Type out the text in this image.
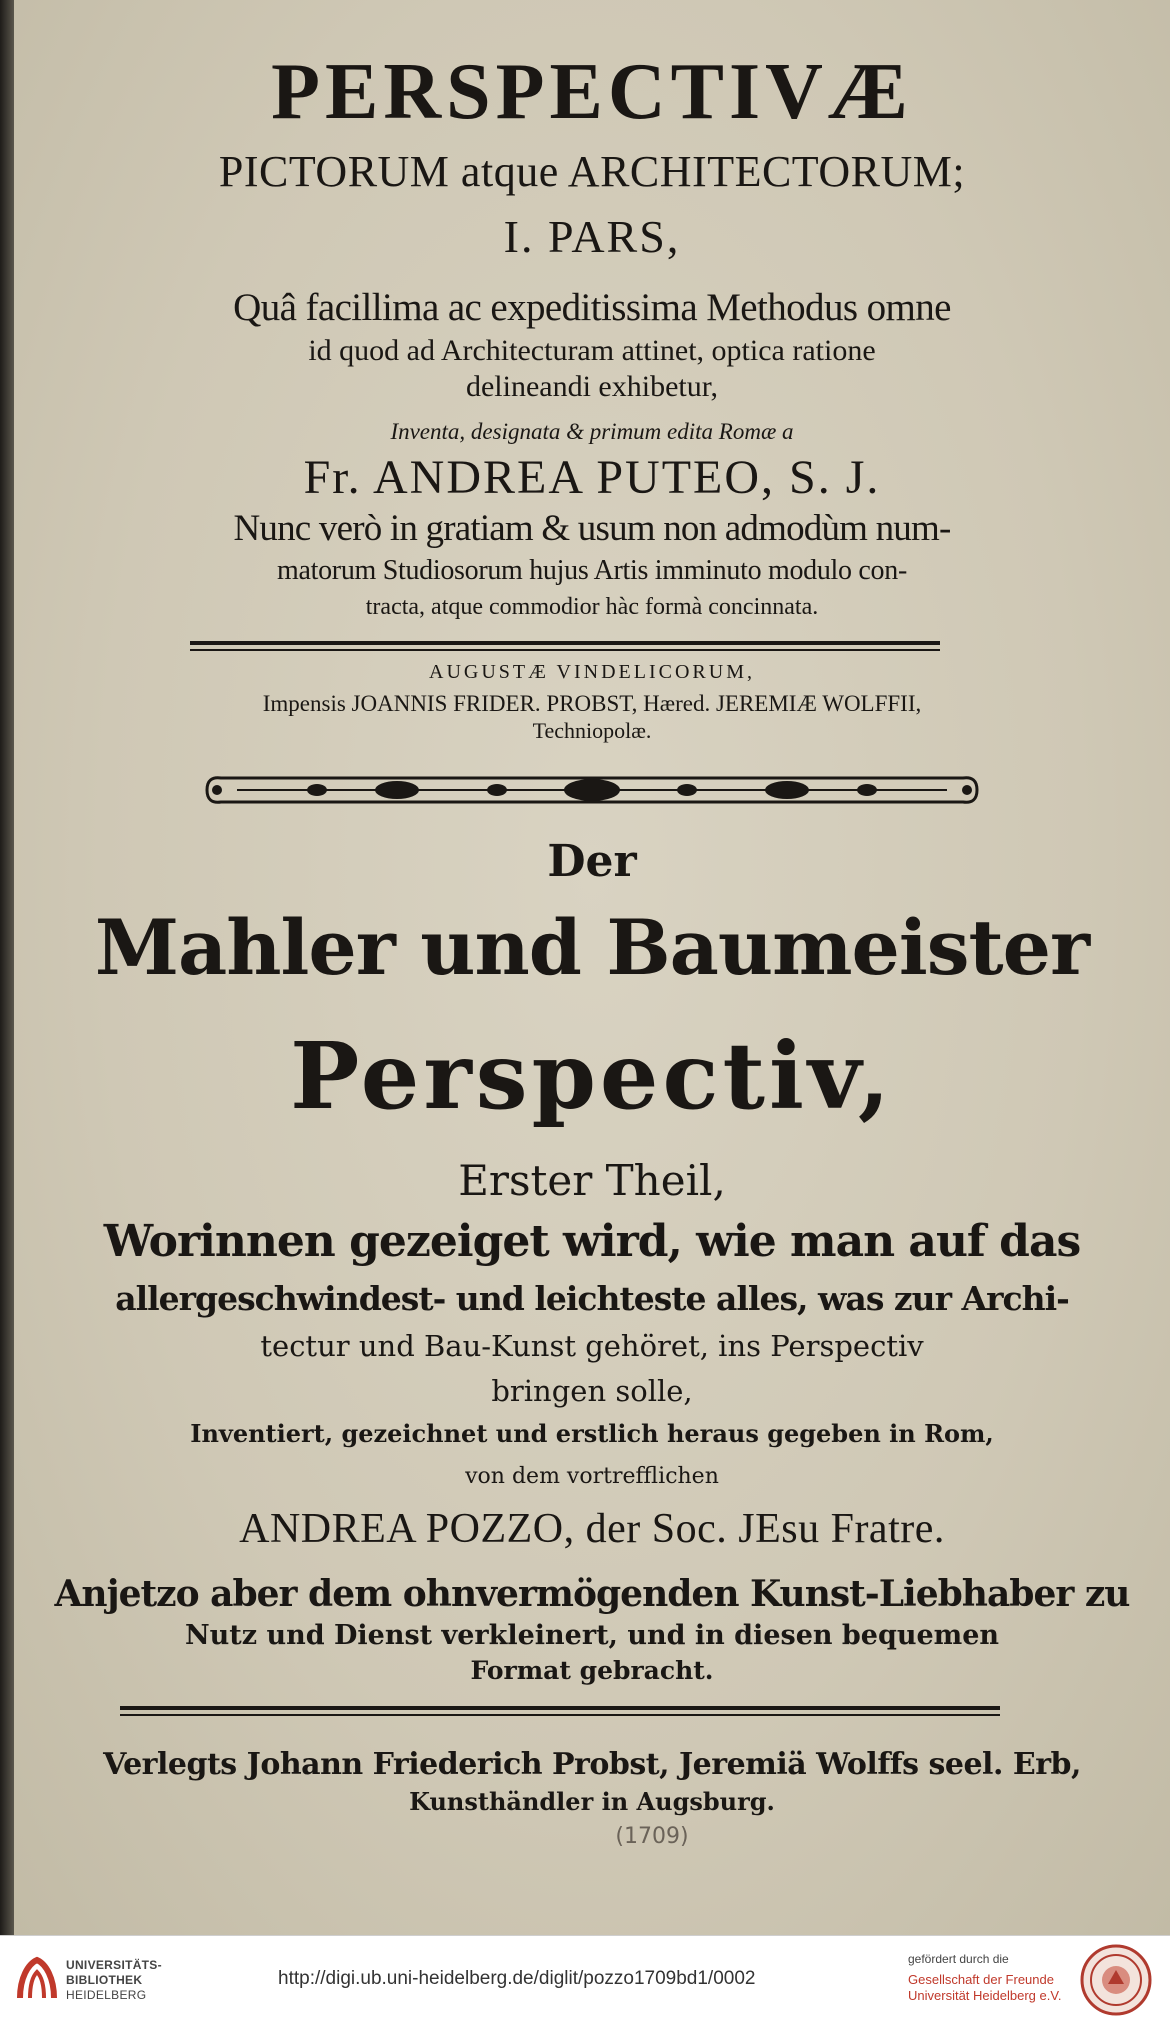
PERSPECTIVÆ
PICTORUM atque ARCHITECTORUM;
I. PARS,
Quâ facillima ac expeditissima Methodus omne
id quod ad Architecturam attinet, optica ratione
delineandi exhibetur,
Inventa, designata & primum edita Romæ a
Fr. ANDREA PUTEO, S. J.
Nunc verò in gratiam & usum non admodùm num-
matorum Studiosorum hujus Artis imminuto modulo con-
tracta, atque commodior hàc formà concinnata.
AUGUSTÆ VINDELICORUM,
Impensis JOANNIS FRIDER. PROBST, Hæred. JEREMIÆ WOLFFII,
Techniopolæ.
Der
Mahler und Baumeister
Perspectiv,
Erster Theil,
Worinnen gezeiget wird, wie man auf das
allergeschwindest- und leichteste alles, was zur Archi-
tectur und Bau-Kunst gehöret, ins Perspectiv
bringen solle,
Inventiert, gezeichnet und erstlich heraus gegeben in Rom,
von dem vortrefflichen
ANDREA POZZO, der Soc. JEsu Fratre.
Anjetzo aber dem ohnvermögenden Kunst-Liebhaber zu
Nutz und Dienst verkleinert, und in diesen bequemen
Format gebracht.
Verlegts Johann Friederich Probst, Jeremiä Wolffs seel. Erb,
Kunsthändler in Augsburg.
(1709)
UNIVERSITÄTS-
BIBLIOTHEK
HEIDELBERG
http://digi.ub.uni-heidelberg.de/diglit/pozzo1709bd1/0002
gefördert durch die
Gesellschaft der Freunde
Universität Heidelberg e.V.
